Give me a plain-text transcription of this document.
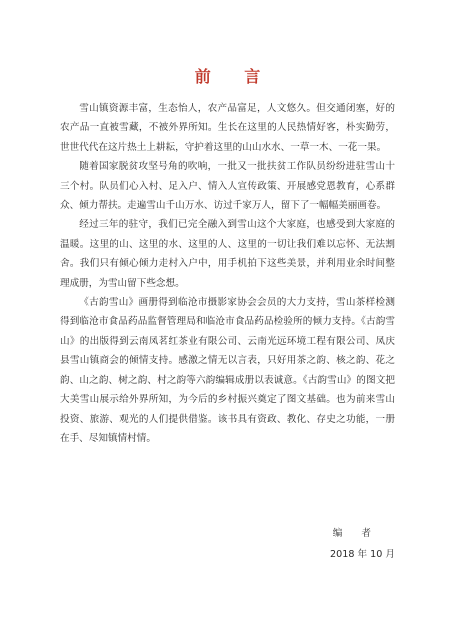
前 言

雪山镇资源丰富，生态怡人，农产品富足，人文悠久。但交通闭塞，好的农产品一直被雪藏，不被外界所知。生长在这里的人民热情好客，朴实勤劳，世世代代在这片热土上耕耘，守护着这里的山山水水、一草一木、一花一果。

随着国家脱贫攻坚号角的吹响，一批又一批扶贫工作队员纷纷进驻雪山十三个村。队员们心入村、足入户、情入人宣传政策、开展感党恩教育，心系群众、倾力帮扶。走遍雪山千山万水、访过千家万人，留下了一幅幅美丽画卷。

经过三年的驻守，我们已完全融入到雪山这个大家庭，也感受到大家庭的温暖。这里的山、这里的水、这里的人、这里的一切让我们难以忘怀、无法割舍。我们只有倾心倾力走村入户中，用手机拍下这些美景，并利用业余时间整理成册，为雪山留下些念想。

《古韵雪山》画册得到临沧市摄影家协会会员的大力支持，雪山茶样检测得到临沧市食品药品监督管理局和临沧市食品药品检验所的倾力支持。《古韵雪山》的出版得到云南凤茗红茶业有限公司、云南光远环境工程有限公司、凤庆县雪山镇商会的倾情支持。感激之情无以言表，只好用茶之韵、核之韵、花之韵、山之韵、树之韵、村之韵等六韵编辑成册以表诚意。《古韵雪山》的图文把大美雪山展示给外界所知，为今后的乡村振兴奠定了图文基础。也为前来雪山投资、旅游、观光的人们提供借鉴。该书具有资政、教化、存史之功能，一册在手、尽知镇情村情。

编 者
2018 年 10 月
